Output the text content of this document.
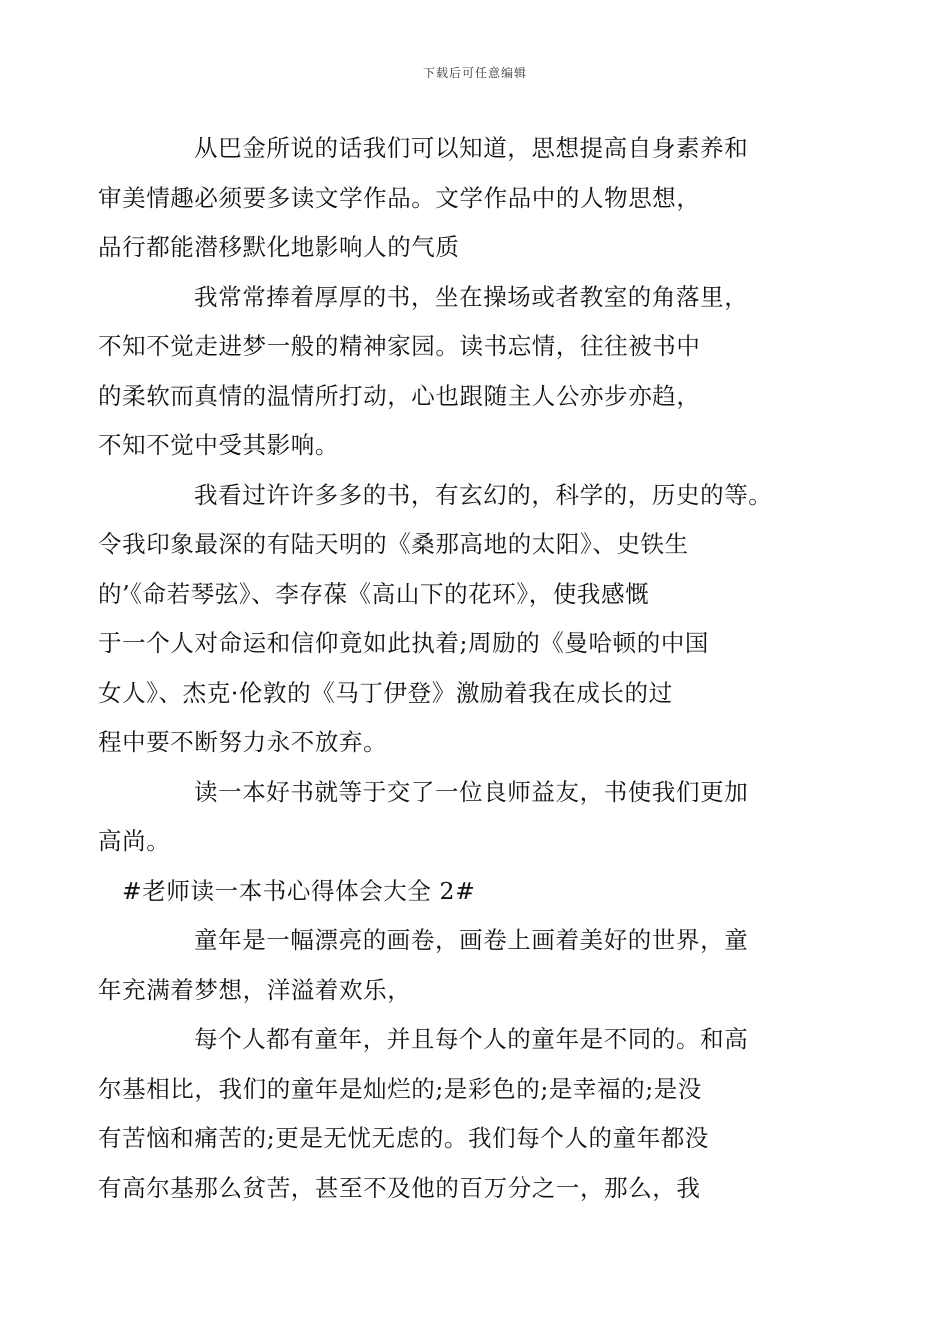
下载后可任意编辑

从巴金所说的话我们可以知道，思想提高自身素养和
审美情趣必须要多读文学作品。文学作品中的人物思想，
品行都能潜移默化地影响人的气质

我常常捧着厚厚的书，坐在操场或者教室的角落里，
不知不觉走进梦一般的精神家园。读书忘情，往往被书中
的柔软而真情的温情所打动，心也跟随主人公亦步亦趋，
不知不觉中受其影响。

我看过许许多多的书，有玄幻的，科学的，历史的等。
令我印象最深的有陆天明的《桑那高地的太阳》、史铁生
的’《命若琴弦》、李存葆《高山下的花环》，使我感慨
于一个人对命运和信仰竟如此执着;周励的《曼哈顿的中国
女人》、杰克·伦敦的《马丁伊登》激励着我在成长的过
程中要不断努力永不放弃。

读一本好书就等于交了一位良师益友，书使我们更加
高尚。

#老师读一本书心得体会大全 2#

童年是一幅漂亮的画卷，画卷上画着美好的世界，童
年充满着梦想，洋溢着欢乐，

每个人都有童年，并且每个人的童年是不同的。和高
尔基相比，我们的童年是灿烂的;是彩色的;是幸福的;是没
有苦恼和痛苦的;更是无忧无虑的。我们每个人的童年都没
有高尔基那么贫苦，甚至不及他的百万分之一，那么，我
